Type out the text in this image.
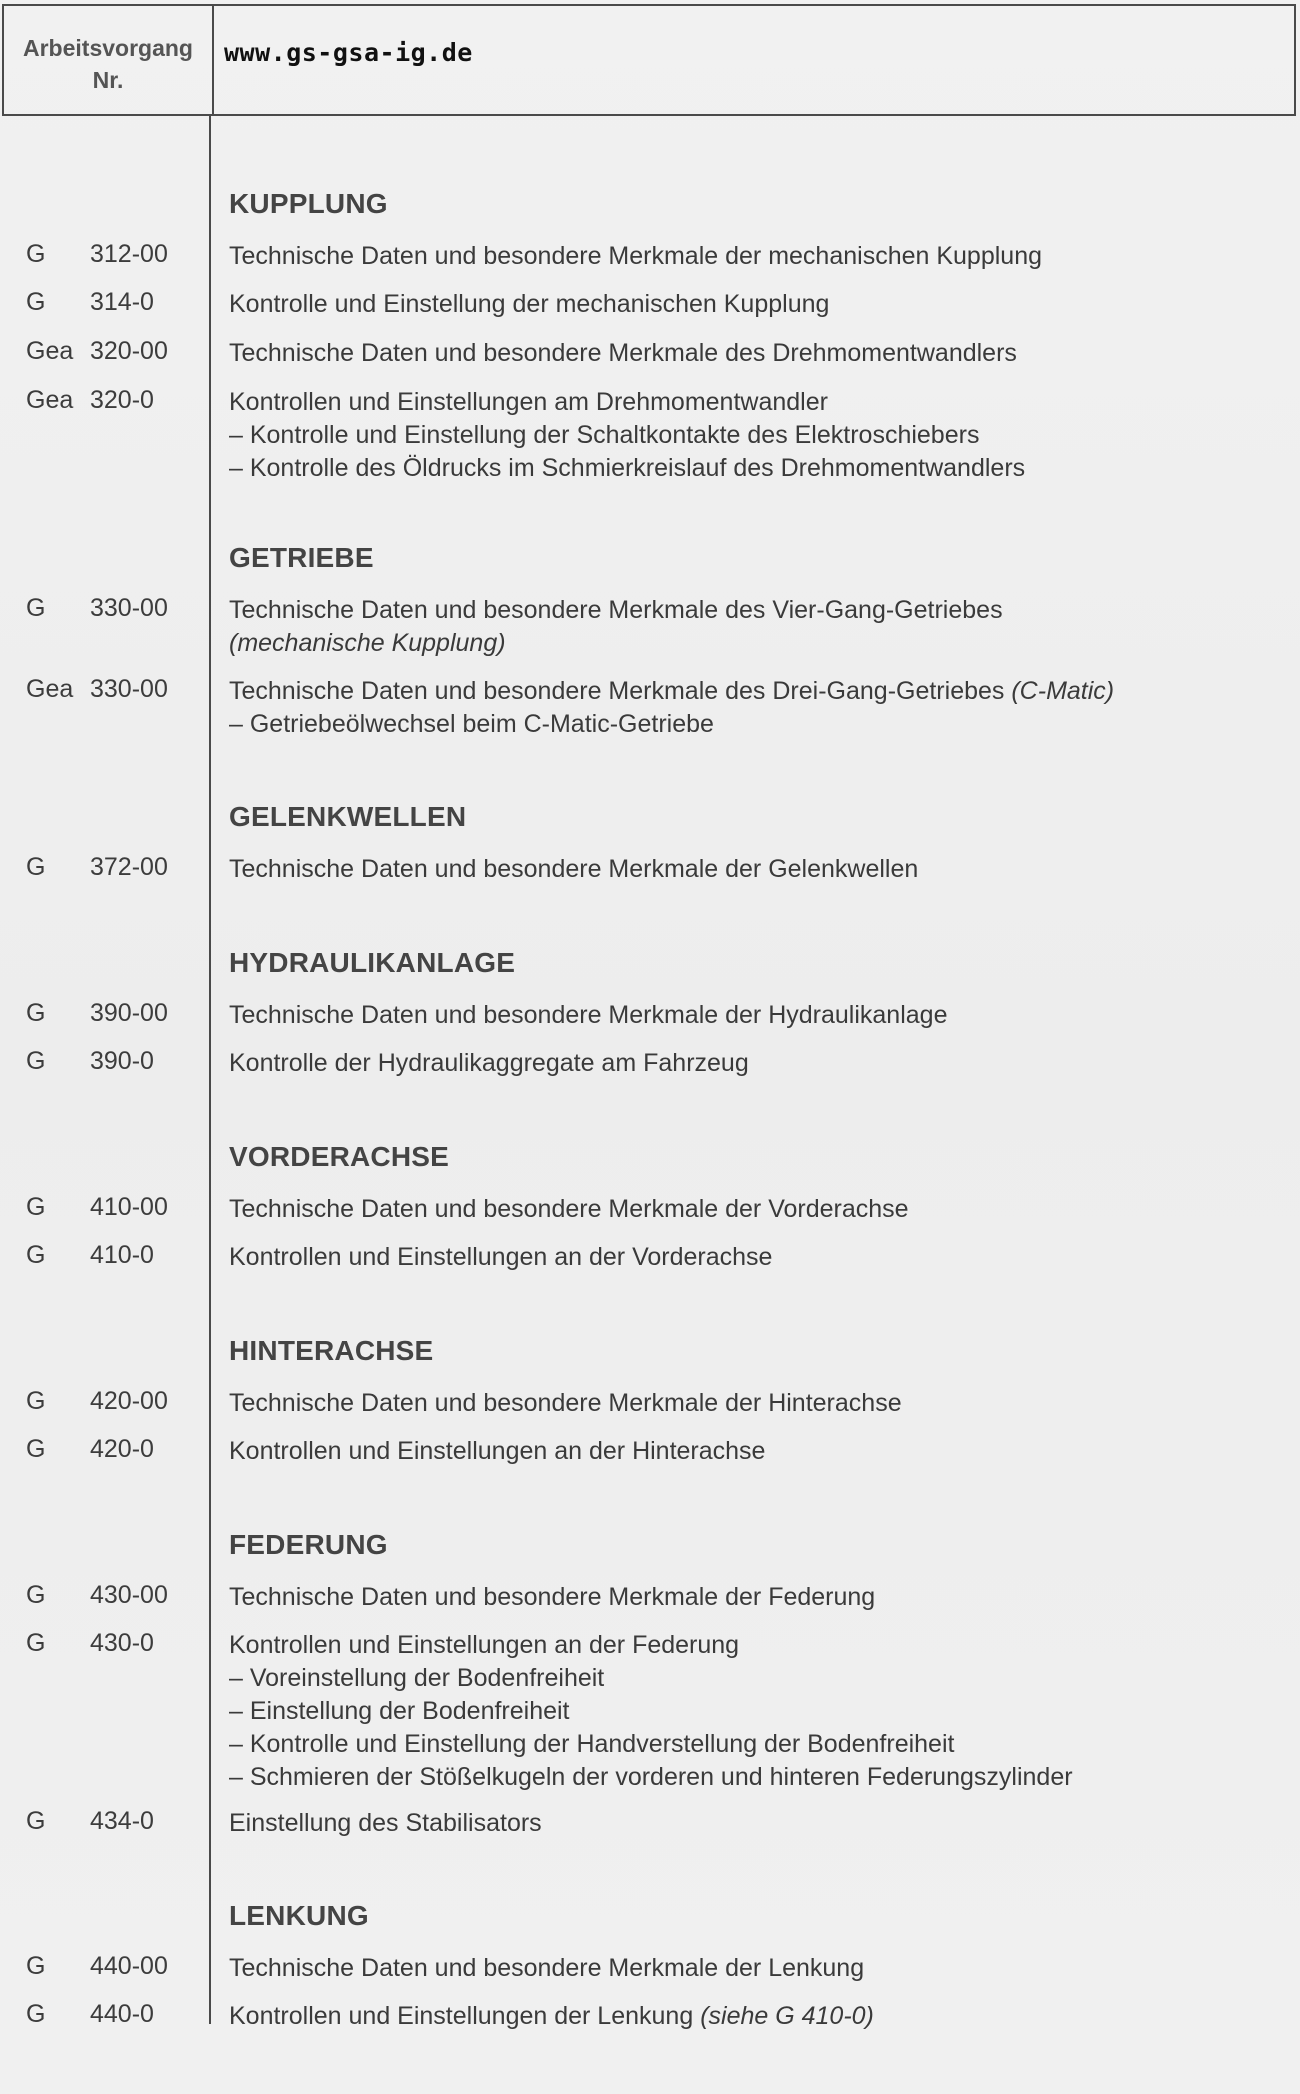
Arbeitsvorgang
Nr.
www.gs-gsa-ig.de
KUPPLUNG
G 312-00 Technische Daten und besondere Merkmale der mechanischen Kupplung
G 314-0	Kontrolle und Einstellung der mechanischen Kupplung
Gea 320-00 Technische Daten und besondere Merkmale des Drehmomentwandlers
Gea 320-0	Kontrollen und Einstellungen am Drehmomentwandler
– Kontrolle und Einstellung der Schaltkontakte des Elektroschiebers
– Kontrolle des Öldrucks im Schmierkreislauf des Drehmomentwandlers
GETRIEBE
G 330-00 Technische Daten und besondere Merkmale des Vier-Gang-Getriebes
(mechanische Kupplung)
Gea 330-00 Technische Daten und besondere Merkmale des Drei-Gang-Getriebes (C-Matic)
– Getriebeölwechsel beim C-Matic-Getriebe
GELENKWELLEN
G 372-00 Technische Daten und besondere Merkmale der Gelenkwellen
HYDRAULIKANLAGE
G 390-00 Technische Daten und besondere Merkmale der Hydraulikanlage
G 390-0	Kontrolle der Hydraulikaggregate am Fahrzeug
VORDERACHSE
G 410-00 Technische Daten und besondere Merkmale der Vorderachse
G 410-0	Kontrollen und Einstellungen an der Vorderachse
HINTERACHSE
G 420-00 Technische Daten und besondere Merkmale der Hinterachse
G 420-0	Kontrollen und Einstellungen an der Hinterachse
FEDERUNG
G 430-00 Technische Daten und besondere Merkmale der Federung
G 430-0	Kontrollen und Einstellungen an der Federung
– Voreinstellung der Bodenfreiheit
– Einstellung der Bodenfreiheit
– Kontrolle und Einstellung der Handverstellung der Bodenfreiheit
– Schmieren der Stößelkugeln der vorderen und hinteren Federungszylinder
G 434-0	Einstellung des Stabilisators
LENKUNG
G 440-00 Technische Daten und besondere Merkmale der Lenkung
G 440-0	Kontrollen und Einstellungen der Lenkung (siehe G 410-0)
